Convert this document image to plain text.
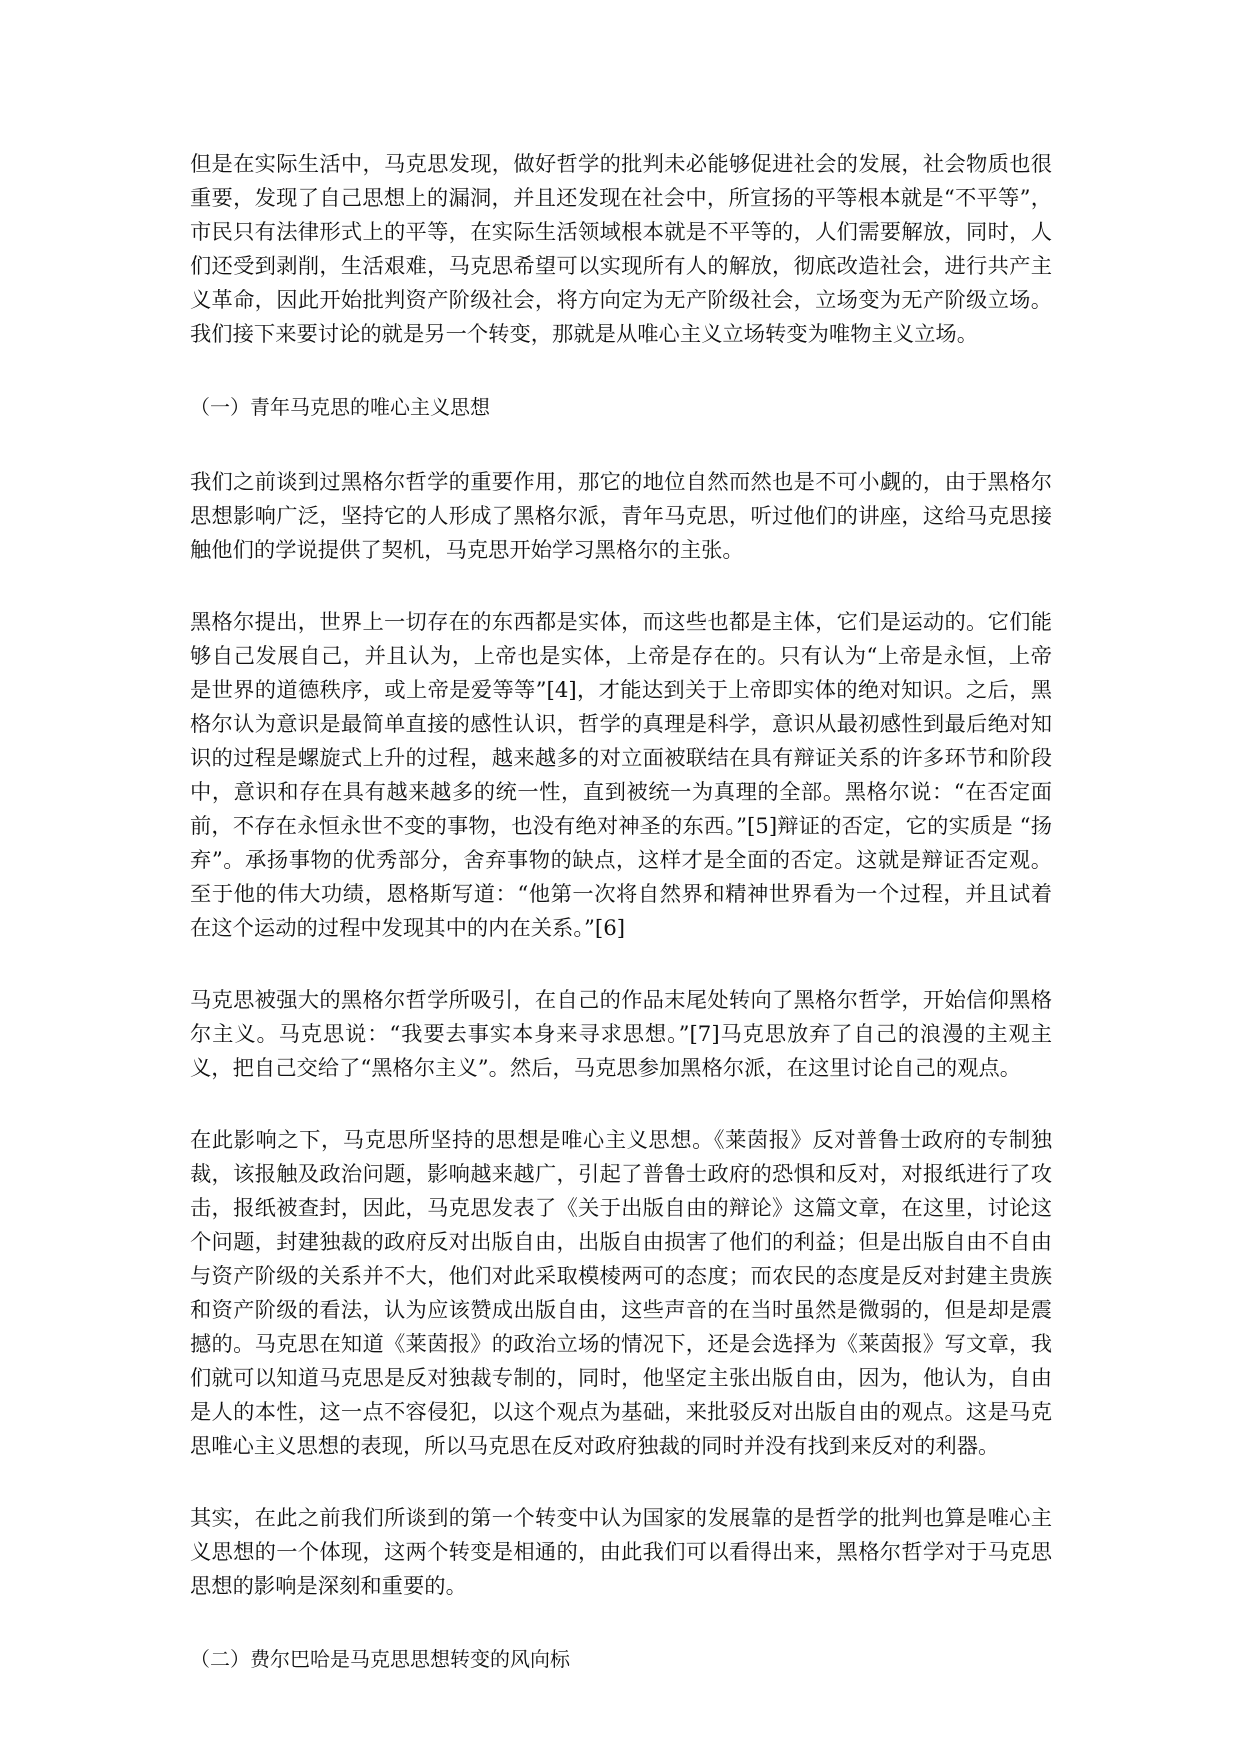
但是在实际生活中，马克思发现，做好哲学的批判未必能够促进社会的发展，社会物质也很重要，发现了自己思想上的漏洞，并且还发现在社会中，所宣扬的平等根本就是“不平等”，市民只有法律形式上的平等，在实际生活领域根本就是不平等的，人们需要解放，同时，人们还受到剥削，生活艰难，马克思希望可以实现所有人的解放，彻底改造社会，进行共产主义革命，因此开始批判资产阶级社会，将方向定为无产阶级社会，立场变为无产阶级立场。我们接下来要讨论的就是另一个转变，那就是从唯心主义立场转变为唯物主义立场。

（一）青年马克思的唯心主义思想

我们之前谈到过黑格尔哲学的重要作用，那它的地位自然而然也是不可小觑的，由于黑格尔思想影响广泛，坚持它的人形成了黑格尔派，青年马克思，听过他们的讲座，这给马克思接触他们的学说提供了契机，马克思开始学习黑格尔的主张。

黑格尔提出，世界上一切存在的东西都是实体，而这些也都是主体，它们是运动的。它们能够自己发展自己，并且认为，上帝也是实体，上帝是存在的。只有认为“上帝是永恒，上帝是世界的道德秩序，或上帝是爱等等”[4]，才能达到关于上帝即实体的绝对知识。之后，黑格尔认为意识是最简单直接的感性认识，哲学的真理是科学，意识从最初感性到最后绝对知识的过程是螺旋式上升的过程，越来越多的对立面被联结在具有辩证关系的许多环节和阶段中，意识和存在具有越来越多的统一性，直到被统一为真理的全部。黑格尔说：“在否定面前，不存在永恒永世不变的事物，也没有绝对神圣的东西。”[5]辩证的否定，它的实质是 “扬弃”。承扬事物的优秀部分，舍弃事物的缺点，这样才是全面的否定。这就是辩证否定观。至于他的伟大功绩，恩格斯写道：“他第一次将自然界和精神世界看为一个过程，并且试着在这个运动的过程中发现其中的内在关系。”[6]

马克思被强大的黑格尔哲学所吸引，在自己的作品末尾处转向了黑格尔哲学，开始信仰黑格尔主义。马克思说：“我要去事实本身来寻求思想。”[7]马克思放弃了自己的浪漫的主观主义，把自己交给了“黑格尔主义”。然后，马克思参加黑格尔派，在这里讨论自己的观点。

在此影响之下，马克思所坚持的思想是唯心主义思想。《莱茵报》反对普鲁士政府的专制独裁，该报触及政治问题，影响越来越广，引起了普鲁士政府的恐惧和反对，对报纸进行了攻击，报纸被查封，因此，马克思发表了《关于出版自由的辩论》这篇文章，在这里，讨论这个问题，封建独裁的政府反对出版自由，出版自由损害了他们的利益；但是出版自由不自由与资产阶级的关系并不大，他们对此采取模棱两可的态度；而农民的态度是反对封建主贵族和资产阶级的看法，认为应该赞成出版自由，这些声音的在当时虽然是微弱的，但是却是震撼的。马克思在知道《莱茵报》的政治立场的情况下，还是会选择为《莱茵报》写文章，我们就可以知道马克思是反对独裁专制的，同时，他坚定主张出版自由，因为，他认为，自由是人的本性，这一点不容侵犯，以这个观点为基础，来批驳反对出版自由的观点。这是马克思唯心主义思想的表现，所以马克思在反对政府独裁的同时并没有找到来反对的利器。

其实，在此之前我们所谈到的第一个转变中认为国家的发展靠的是哲学的批判也算是唯心主义思想的一个体现，这两个转变是相通的，由此我们可以看得出来，黑格尔哲学对于马克思思想的影响是深刻和重要的。

（二）费尔巴哈是马克思思想转变的风向标
